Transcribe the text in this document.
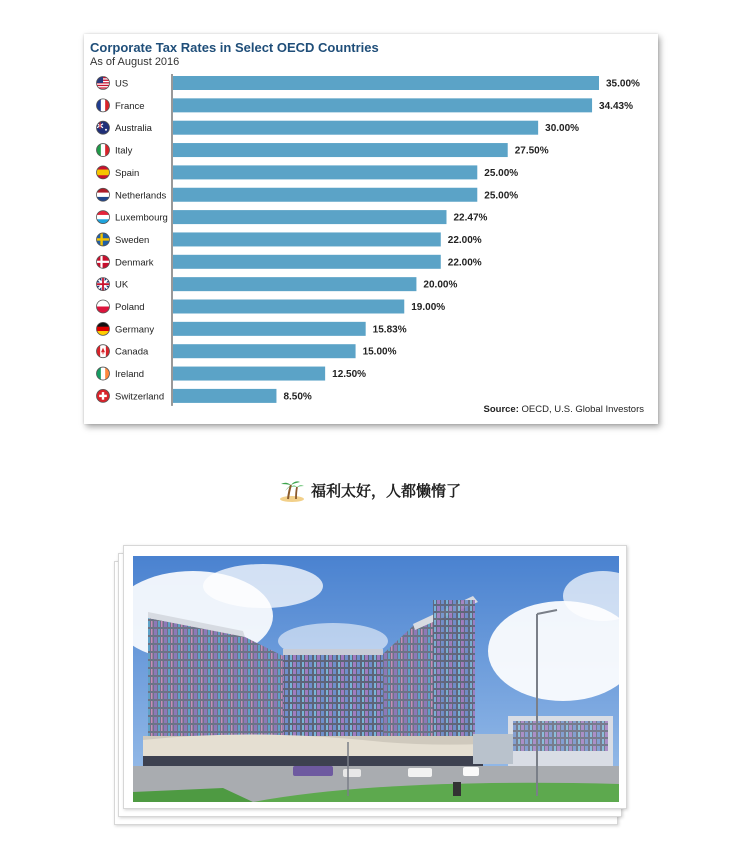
US	35.00%
France	34.43%
Australia	30.00%
Italy	27.50%
Spain	25.00%
Netherlands	25.00%
Luxembourg	22.47%
Sweden	22.00%
Denmark	22.00%
UK	20.00%
Poland	19.00%
Germany	15.83%
Canada	15.00%
Ireland	12.50%
Switzerland	8.50%
Corporate Tax Rates in Select OECD Countries

As of August 2016

Source: OECD, U.S. Global Investors
福利太好，人都懒惰了
